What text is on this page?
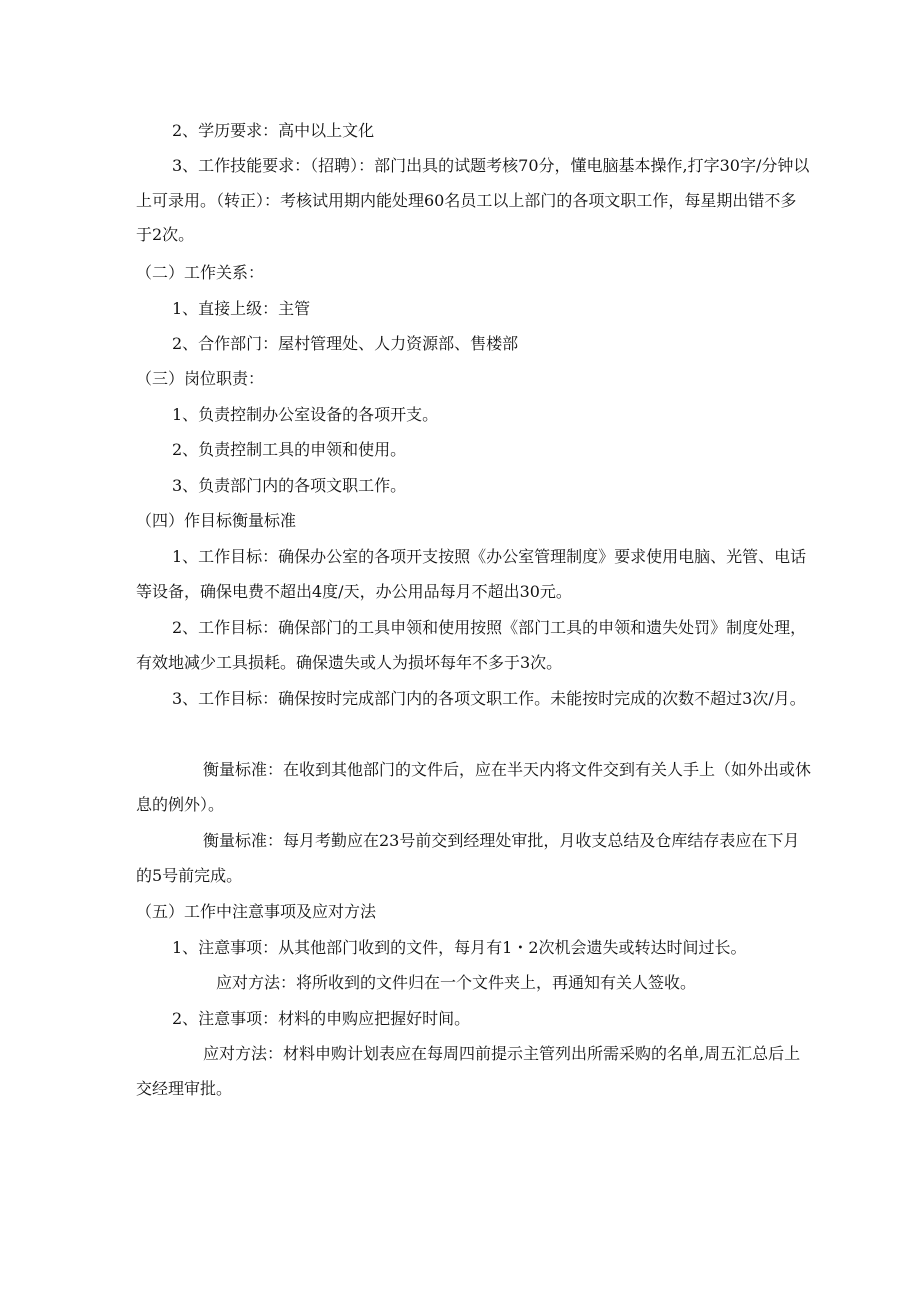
2、学历要求：高中以上文化

3、工作技能要求：（招聘）：部门出具的试题考核70分，懂电脑基本操作,打字30字/分钟以上可录用。（转正）：考核试用期内能处理60名员工以上部门的各项文职工作，每星期出错不多于2次。

（二）工作关系：

1、直接上级：主管

2、合作部门：屋村管理处、人力资源部、售楼部

（三）岗位职责：

1、负责控制办公室设备的各项开支。

2、负责控制工具的申领和使用。

3、负责部门内的各项文职工作。

（四）作目标衡量标准

1、工作目标：确保办公室的各项开支按照《办公室管理制度》要求使用电脑、光管、电话等设备，确保电费不超出4度/天，办公用品每月不超出30元。

2、工作目标：确保部门的工具申领和使用按照《部门工具的申领和遗失处罚》制度处理，有效地减少工具损耗。确保遗失或人为损坏每年不多于3次。

3、工作目标：确保按时完成部门内的各项文职工作。未能按时完成的次数不超过3次/月。

衡量标准：在收到其他部门的文件后，应在半天内将文件交到有关人手上（如外出或休息的例外）。

衡量标准：每月考勤应在23号前交到经理处审批，月收支总结及仓库结存表应在下月的5号前完成。

（五）工作中注意事项及应对方法

1、注意事项：从其他部门收到的文件，每月有1・2次机会遗失或转达时间过长。

应对方法：将所收到的文件归在一个文件夹上，再通知有关人签收。

2、注意事项：材料的申购应把握好时间。

应对方法：材料申购计划表应在每周四前提示主管列出所需采购的名单,周五汇总后上交经理审批。
